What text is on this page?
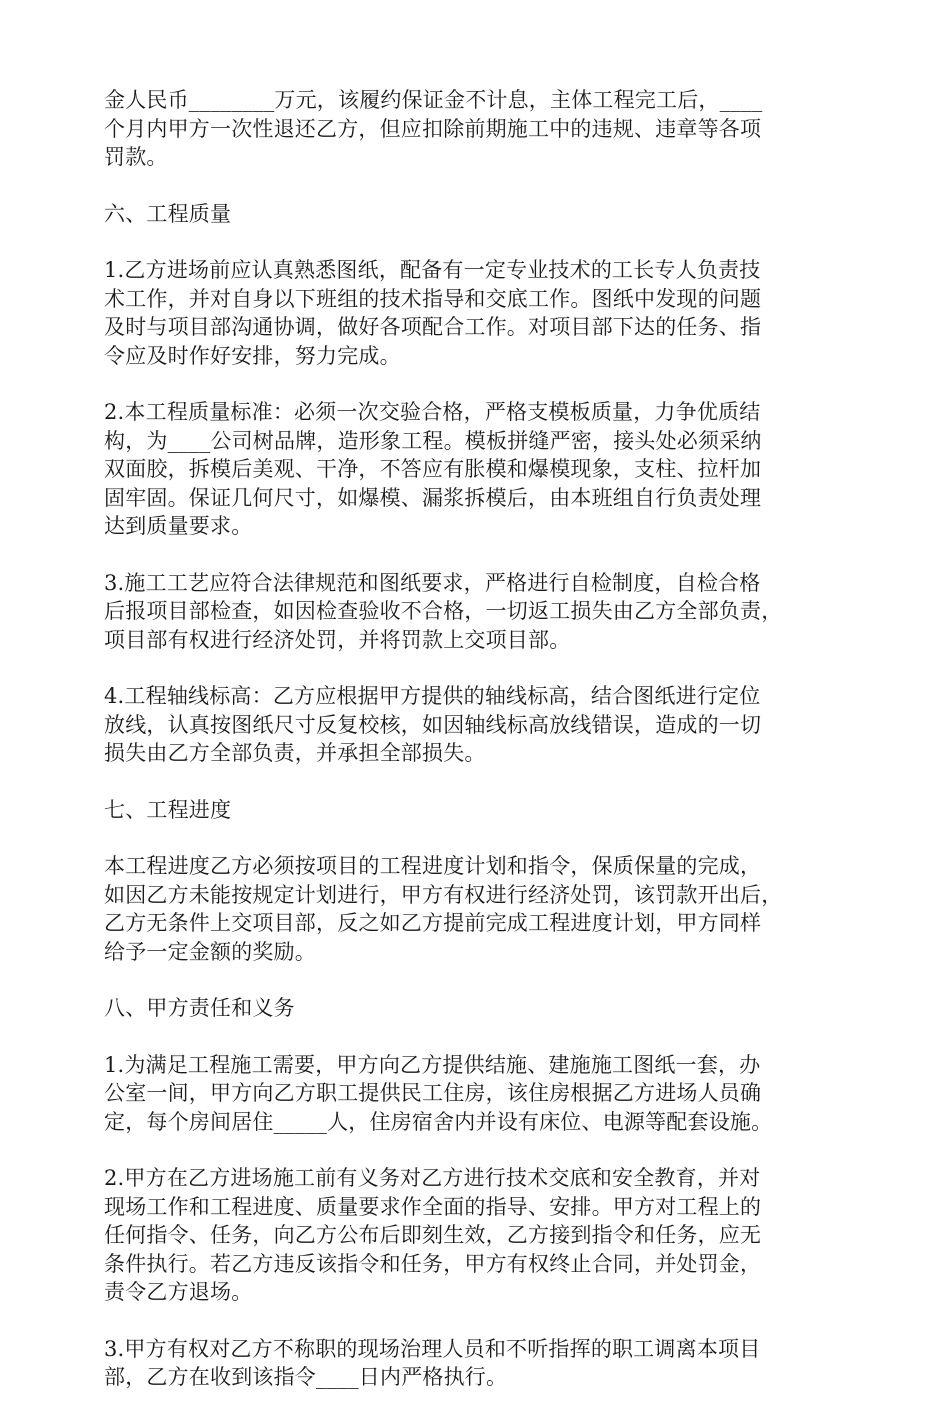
金人民币________万元，该履约保证金不计息，主体工程完工后，____
个月内甲方一次性退还乙方，但应扣除前期施工中的违规、违章等各项
罚款。
六、工程质量
1.乙方进场前应认真熟悉图纸，配备有一定专业技术的工长专人负责技
术工作，并对自身以下班组的技术指导和交底工作。图纸中发现的问题
及时与项目部沟通协调，做好各项配合工作。对项目部下达的任务、指
令应及时作好安排，努力完成。
2.本工程质量标准：必须一次交验合格，严格支模板质量，力争优质结
构，为____公司树品牌，造形象工程。模板拼缝严密，接头处必须采纳
双面胶，拆模后美观、干净，不答应有胀模和爆模现象，支柱、拉杆加
固牢固。保证几何尺寸，如爆模、漏浆拆模后，由本班组自行负责处理
达到质量要求。
3.施工工艺应符合法律规范和图纸要求，严格进行自检制度，自检合格
后报项目部检查，如因检查验收不合格，一切返工损失由乙方全部负责，
项目部有权进行经济处罚，并将罚款上交项目部。
4.工程轴线标高：乙方应根据甲方提供的轴线标高，结合图纸进行定位
放线，认真按图纸尺寸反复校核，如因轴线标高放线错误，造成的一切
损失由乙方全部负责，并承担全部损失。
七、工程进度
本工程进度乙方必须按项目的工程进度计划和指令，保质保量的完成，
如因乙方未能按规定计划进行，甲方有权进行经济处罚，该罚款开出后，
乙方无条件上交项目部，反之如乙方提前完成工程进度计划，甲方同样
给予一定金额的奖励。
八、甲方责任和义务
1.为满足工程施工需要，甲方向乙方提供结施、建施施工图纸一套，办
公室一间，甲方向乙方职工提供民工住房，该住房根据乙方进场人员确
定，每个房间居住_____人，住房宿舍内并设有床位、电源等配套设施。
2.甲方在乙方进场施工前有义务对乙方进行技术交底和安全教育，并对
现场工作和工程进度、质量要求作全面的指导、安排。甲方对工程上的
任何指令、任务，向乙方公布后即刻生效，乙方接到指令和任务，应无
条件执行。若乙方违反该指令和任务，甲方有权终止合同，并处罚金，
责令乙方退场。
3.甲方有权对乙方不称职的现场治理人员和不听指挥的职工调离本项目
部，乙方在收到该指令____日内严格执行。
